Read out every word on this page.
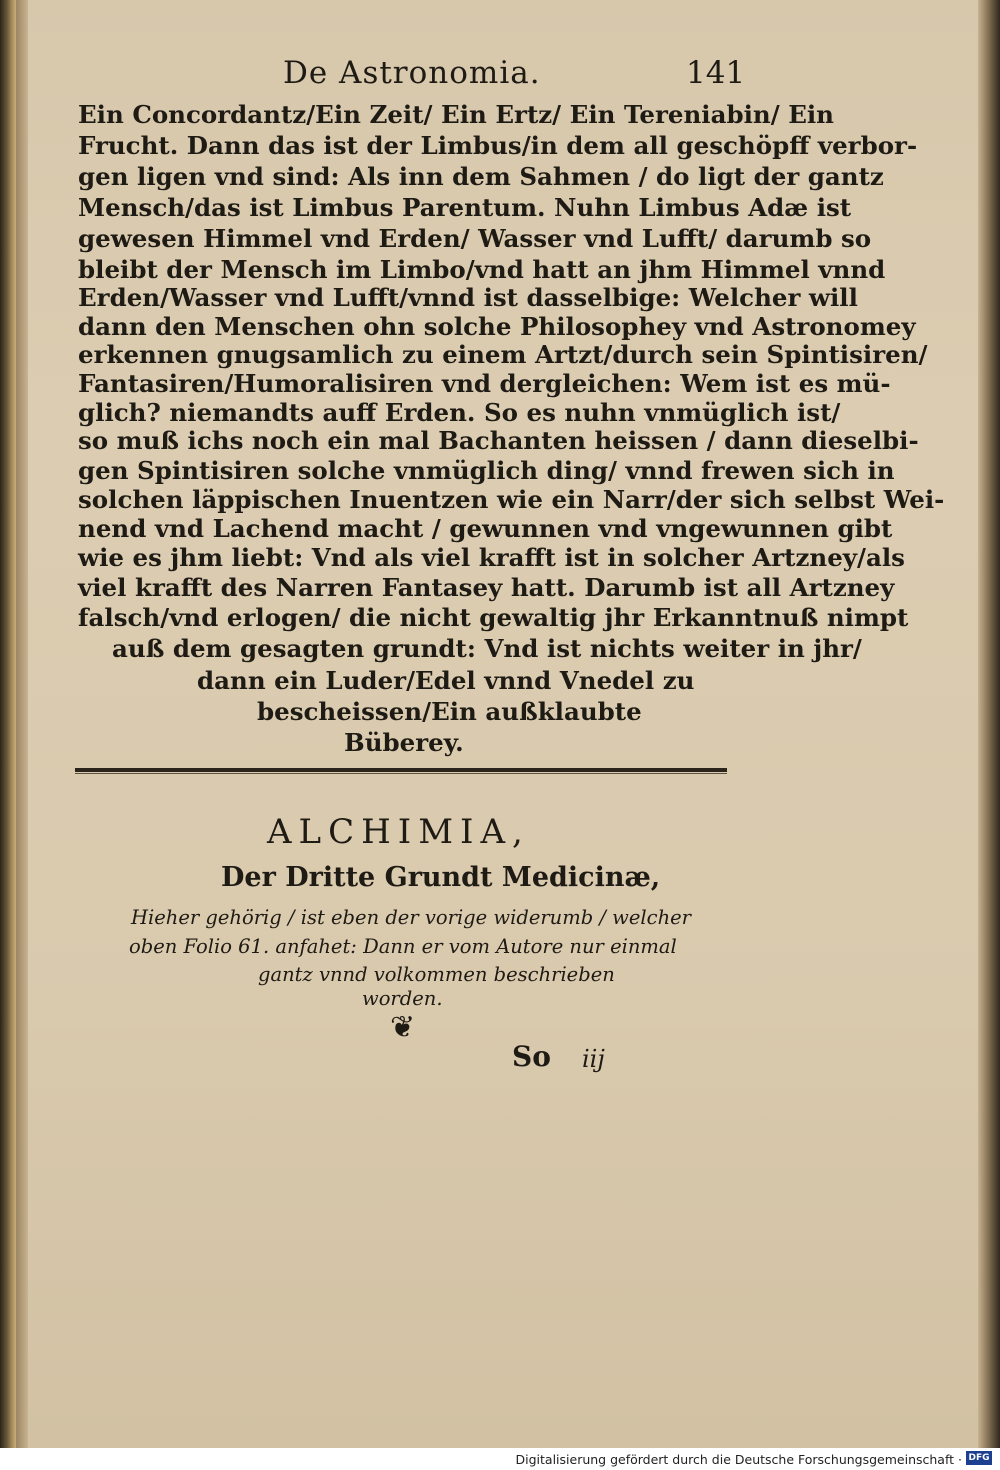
De Astronomia.	141
Ein Concordantz/Ein Zeit/ Ein Ertz/ Ein Tereniabin/ Ein
Frucht. Dann das ist der Limbus/in dem all geschöpff verbor-
gen ligen vnd sind: Als inn dem Sahmen / do ligt der gantz
Mensch/das ist Limbus Parentum. Nuhn Limbus Adæ ist
gewesen Himmel vnd Erden/ Wasser vnd Lufft/ darumb so
bleibt der Mensch im Limbo/vnd hatt an jhm Himmel vnnd
Erden/Wasser vnd Lufft/vnnd ist dasselbige: Welcher will
dann den Menschen ohn solche Philosophey vnd Astronomey
erkennen gnugsamlich zu einem Artzt/durch sein Spintisiren/
Fantasiren/Humoralisiren vnd dergleichen: Wem ist es mü-
glich? niemandts auff Erden. So es nuhn vnmüglich ist/
so muß ichs noch ein mal Bachanten heissen / dann dieselbi-
gen Spintisiren solche vnmüglich ding/ vnnd frewen sich in
solchen läppischen Inuentzen wie ein Narr/der sich selbst Wei-
nend vnd Lachend macht / gewunnen vnd vngewunnen gibt
wie es jhm liebt: Vnd als viel krafft ist in solcher Artzney/als
viel krafft des Narren Fantasey hatt. Darumb ist all Artzney
falsch/vnd erlogen/ die nicht gewaltig jhr Erkanntnuß nimpt
auß dem gesagten grundt: Vnd ist nichts weiter in jhr/
dann ein Luder/Edel vnnd Vnedel zu
bescheissen/Ein außklaubte
Büberey.
ALCHIMIA,
Der Dritte Grundt Medicinæ,
Hieher gehörig / ist eben der vorige widerumb / welcher
oben Folio 61. anfahet: Dann er vom Autore nur einmal
gantz vnnd volkommen beschrieben
worden.
❦
So iij
Digitalisierung gefördert durch die Deutsche Forschungsgemeinschaft · DFG
